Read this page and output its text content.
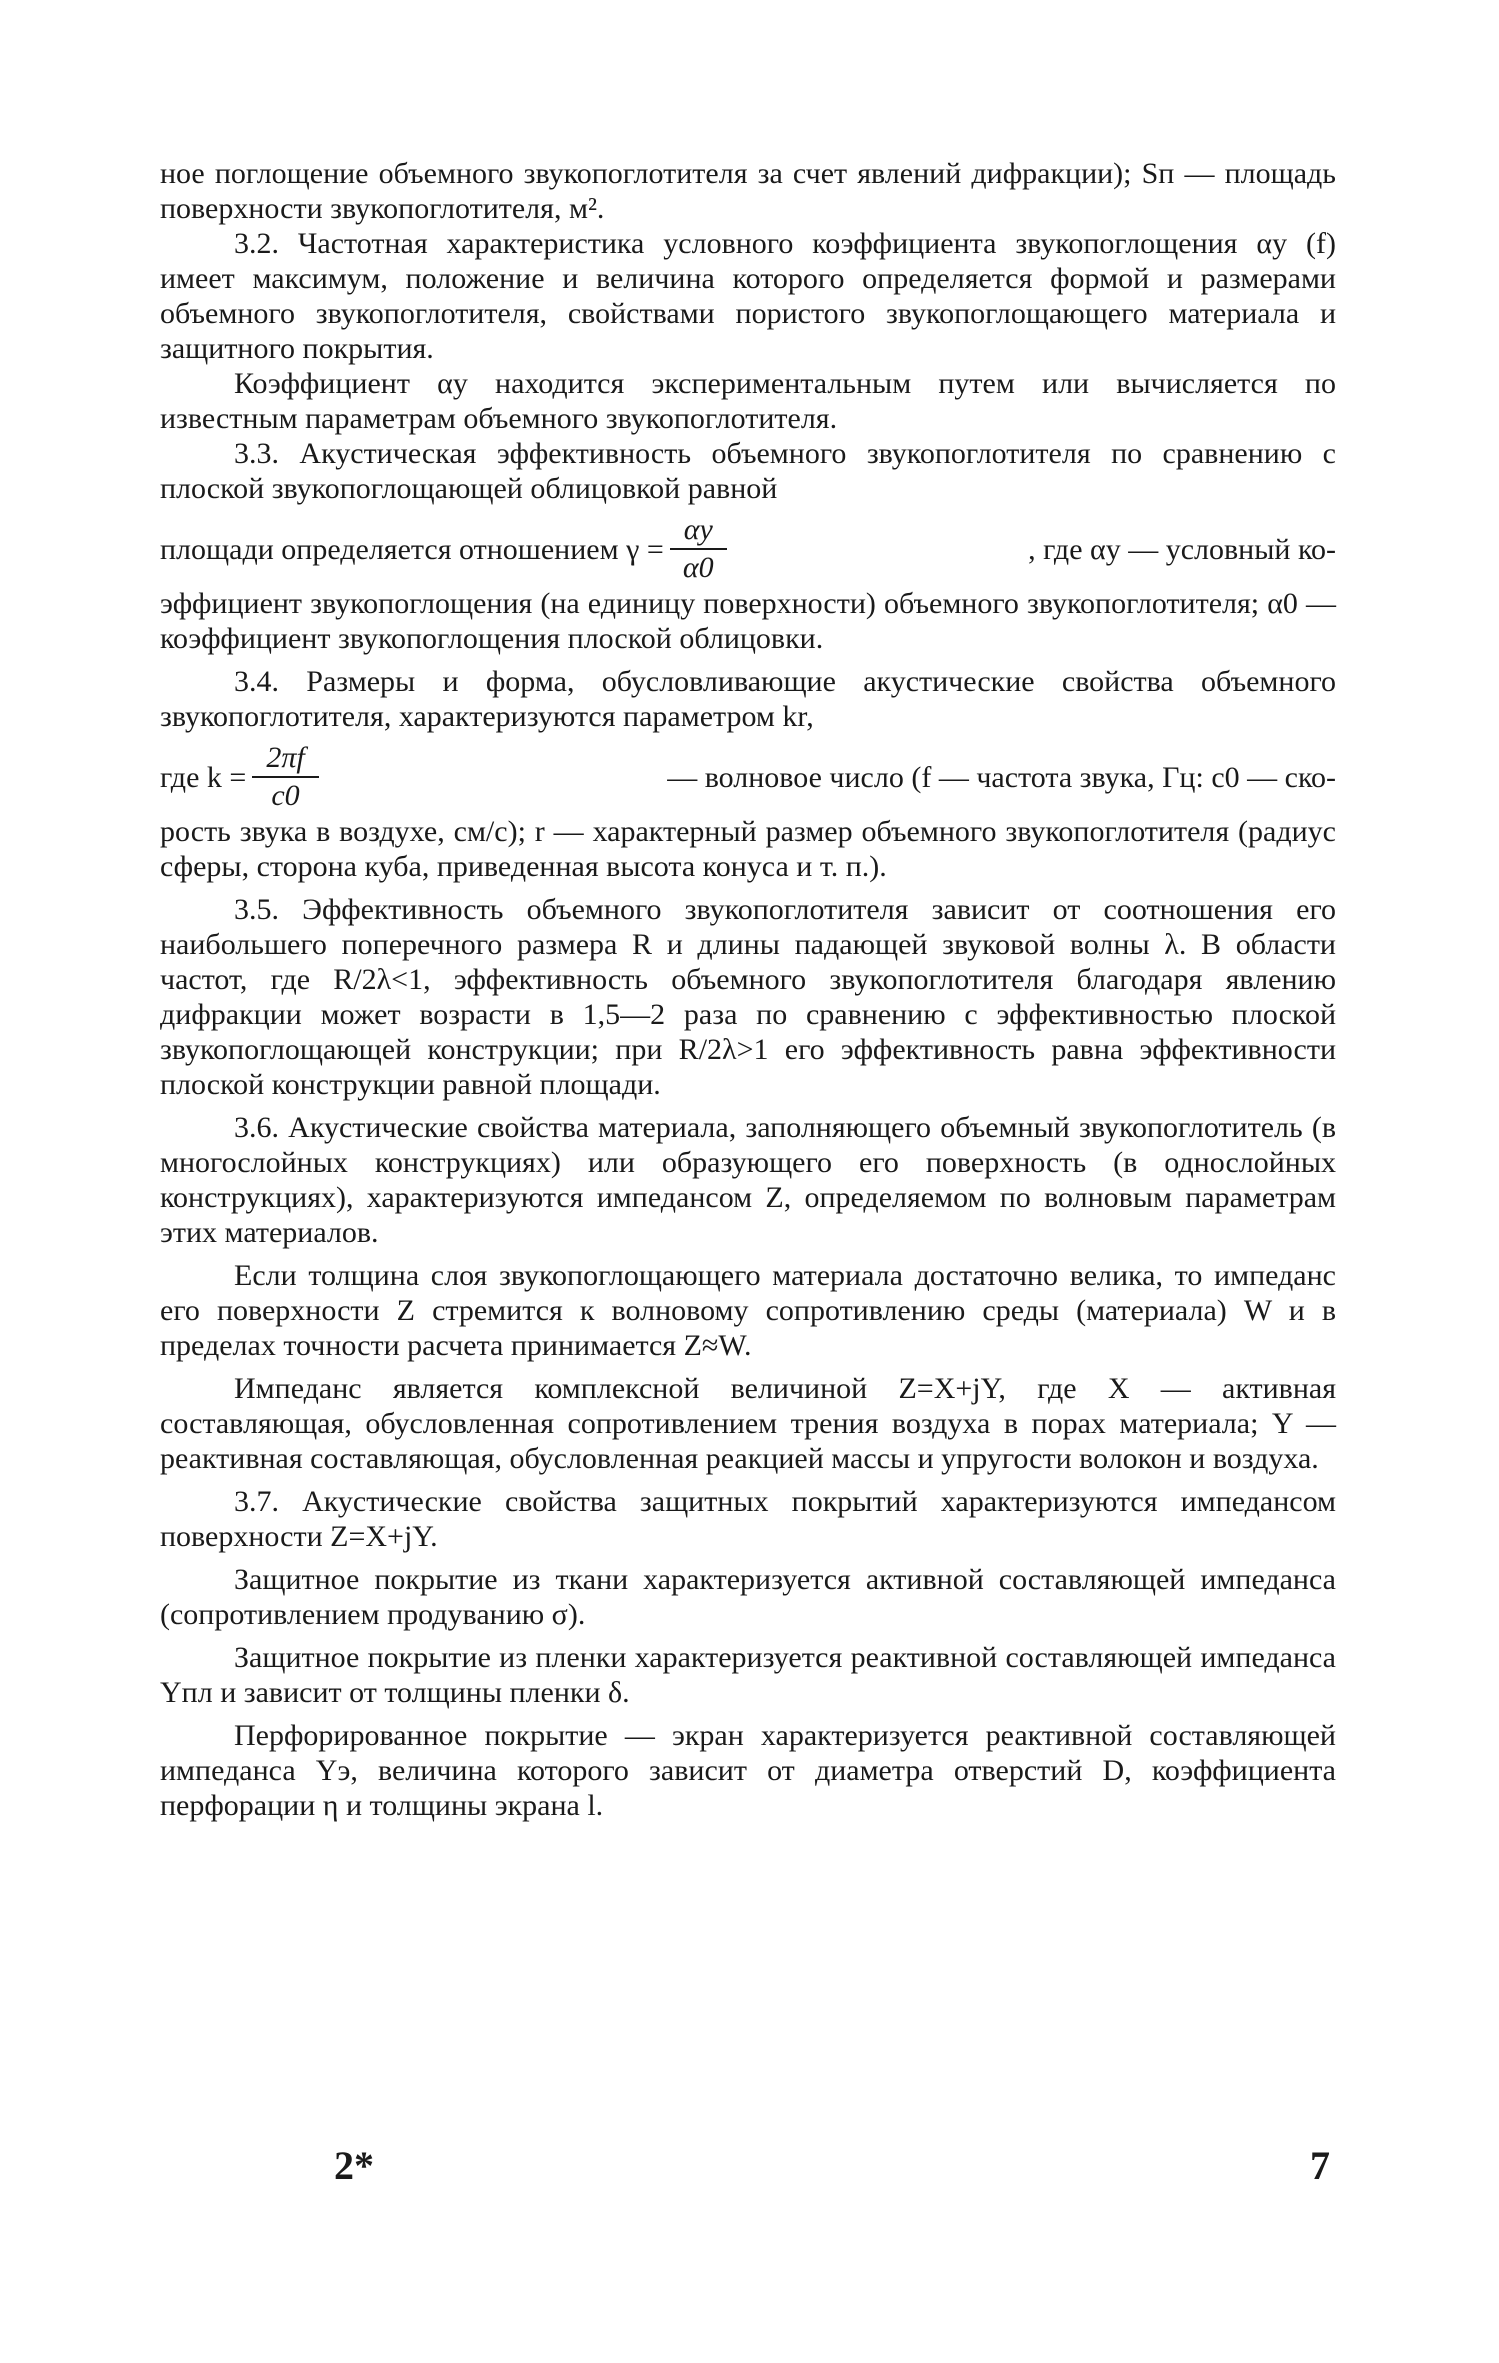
ное поглощение объемного звукопоглотителя за счет явлений дифракции); Sп — площадь поверхности звукопоглотителя, м².

3.2. Частотная характеристика условного коэффициента звукопоглощения αу (f) имеет максимум, положение и величина которого определяется формой и размерами объемного звукопоглотителя, свойствами пористого звукопоглощающего материала и защитного покрытия.

Коэффициент αу находится экспериментальным путем или вычисляется по известным параметрам объемного звукопоглотителя.

3.3. Акустическая эффективность объемного звукопоглотителя по сравнению с плоской звукопоглощающей облицовкой равной

площади определяется отношением $\gamma = \frac{\alpha у}{\alpha 0}$	, где αу — условный ко-

эффициент звукопоглощения (на единицу поверхности) объемного звукопоглотителя; α0 — коэффициент звукопоглощения плоской облицовки.

3.4. Размеры и форма, обусловливающие акустические свойства объемного звукопоглотителя, характеризуются параметром kr,

где $k = \frac{2\pi f}{c0}$	— волновое число (f — частота звука, Гц: c0 — ско-

рость звука в воздухе, см/с); r — характерный размер объемного звукопоглотителя (радиус сферы, сторона куба, приведенная высота конуса и т. п.).

3.5. Эффективность объемного звукопоглотителя зависит от соотношения его наибольшего поперечного размера R и длины падающей звуковой волны λ. В области частот, где R/2λ<1, эффективность объемного звукопоглотителя благодаря явлению дифракции может возрасти в 1,5—2 раза по сравнению с эффективностью плоской звукопоглощающей конструкции; при R/2λ>1 его эффективность равна эффективности плоской конструкции равной площади.

3.6. Акустические свойства материала, заполняющего объемный звукопоглотитель (в многослойных конструкциях) или образующего его поверхность (в однослойных конструкциях), характеризуются импедансом Z, определяемом по волновым параметрам этих материалов.

Если толщина слоя звукопоглощающего материала достаточно велика, то импеданс его поверхности Z стремится к волновому сопротивлению среды (материала) W и в пределах точности расчета принимается Z≈W.

Импеданс является комплексной величиной Z=X+jY, где X — активная составляющая, обусловленная сопротивлением трения воздуха в порах материала; Y — реактивная составляющая, обусловленная реакцией массы и упругости волокон и воздуха.

3.7. Акустические свойства защитных покрытий характеризуются импедансом поверхности Z=X+jY.

Защитное покрытие из ткани характеризуется активной составляющей импеданса (сопротивлением продуванию σ).

Защитное покрытие из пленки характеризуется реактивной составляющей импеданса Yпл и зависит от толщины пленки δ.

Перфорированное покрытие — экран характеризуется реактивной составляющей импеданса Yэ, величина которого зависит от диаметра отверстий D, коэффициента перфорации η и толщины экрана l.

2*	7
